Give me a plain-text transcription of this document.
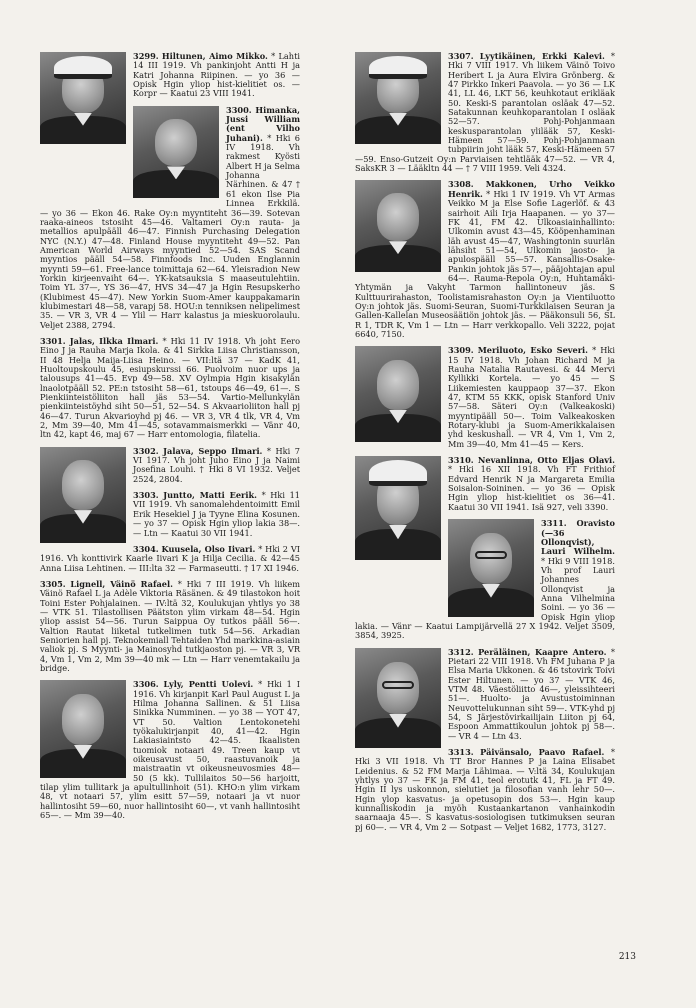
3299. Hiltunen, Aimo Mikko. * Lahti 14 III 1919. Vh pankinjoht Antti H ja Katri Johanna Riipinen. — yo 36 — Opisk Hgin yliop hist-kielitiet os. — Korpr — Kaatui 23 VIII 1941.
3300. Himanka, Jussi William (ent Vilho Juhani). * Hki 6 IV 1918. Vh rakmest Kyösti Albert H ja Selma Johanna Närhinen. & 47 † 61 ekon Ilse Pia Linnea Erkkilä. — yo 36 — Ekon 46. Rake Oy:n myyntiteht 36—39. Sotevan raaka-aineos tstosiht 45—46. Valtameri Oy:n rauta- ja metallios apulpääll 46—47. Finnish Purchasing Delegation NYC (N.Y.) 47—48. Finland House myyntiteht 49—52. Pan American World Airways myyntied 52—54. SAS Scand myyntios pääll 54—58. Finnfoods Inc. Uuden Englannin myynti 59—61. Free-lance toimittaja 62—64. Yleisradion New Yorkin kirjeenvaiht 64—. YK-katsauksia S maaseutulehtiin. Toim YL 37—, YS 36—47, HVS 34—47 ja Hgin Resupskerho (Klubimest 45—47). New Yorkin Suom-Amer kauppakamarin klubimestari 48—58, varapj 58. HOU:n tenniksen nelipelimest 35. — VR 3, VR 4 — Ylil — Harr kalastus ja mieskuorolaulu. Veljet 2388, 2794.
3301. Jalas, Ilkka Ilmari. * Hki 11 IV 1918. Vh joht Eero Eino J ja Rauha Marja Ikola. & 41 Sirkka Liisa Christiansson, II 48 Helja Maija-Liisa Heino. — VII:ltä 37 — KadK 41, Huoltoupskoulu 45, esiupskurssi 66. Puolvoim nuor ups ja talousups 41—45. Evp 49—58. XV Oylmpia Hgin kisakylän lnaolotpääll 52. PE:n tstosiht 58—61, tstoups 46—49, 61—. S Pienkiinteistöliiton hall jäs 53—54. Vartio-Mellunkylän pienkiinteistöyhd siht 50—51, 52—54. S Akvaarioliiton hall pj 46—47. Turun Akvarioyhd pj 46. — VR 3, VR 4 tlk, VR 4, Vm 2, Mm 39—40, Mm 41—45, sotavammaismerkki — Vänr 40, ltn 42, kapt 46, maj 67 — Harr entomologia, filatelia.
3302. Jalava, Seppo Ilmari. * Hki 7 VI 1917. Vh joht Juho Eino J ja Naimi Josefina Louhi. † Hki 8 VI 1932. Veljet 2524, 2804.
3303. Juntto, Matti Eerik. * Hki 11 VII 1919. Vh sanomalehdentoimitt Emil Erik Hesekiel J ja Tyyne Elina Kosunen. — yo 37 — Opisk Hgin yliop lakia 38—. — Ltn — Kaatui 30 VII 1941.
3304. Kuusela, Olso Iivari. * Hki 2 VI 1916. Vh konttivirk Kaarle Iivari K ja Hilja Cecilia. & 42—45 Anna Liisa Lehtinen. — III:lta 32 — Farmaseutti. † 17 XI 1946.
3305. Lignell, Väinö Rafael. * Hki 7 III 1919. Vh liikem Väinö Rafael L ja Adèle Viktoria Räsänen. & 49 tilastokon hoit Toini Ester Pohjalainen. — IV:ltä 32, Koulukujan yhtlys yo 38 — VTK 51. Tilastollisen Päätston ylim virkam 48—54. Hgin yliop assist 54—56. Turun Saippua Oy tutkos pääll 56—. Valtion Rautat liiketal tutkelimen tutk 54—56. Arkadian Seniorien hall pj. Teknokemiall Tehtaiden Yhd markkina-asiain valiok pj. S Myynti- ja Mainosyhd tutkjaoston pj. — VR 3, VR 4, Vm 1, Vm 2, Mm 39—40 mk — Ltn — Harr venemtakailu ja bridge.
3306. Lyly, Pentti Uolevi. * Hki 1 I 1916. Vh kirjanpit Karl Paul August L ja Hilma Johanna Sallinen. & 51 Liisa Sinikka Numminen. — yo 38 — YOT 47, VT 50. Valtion Lentokonetehi työkalukirjanpit 40, 41—42. Hgin Lakiasiaintsto 42—45. Ikaalisten tuomiok notaari 49. Treen kaup vt oikeusavust 50, raastuvanoik ja maistraatin vt oikeusneuvosmies 48—50 (5 kk). Tullilaitos 50—56 harjoitt, tilap ylim tullitark ja apultullinhoit (51). KHO:n ylim virkam 48, vt notaari 57, ylim esitt 57—59, notaari ja vt nuor hallintosiht 59—60, nuor hallintosiht 60—, vt vanh hallintosiht 65—. — Mm 39—40.
3307. Lyytikäinen, Erkki Kalevi. * Hki 7 VIII 1917. Vh liikem Väinö Toivo Heribert L ja Aura Elvira Grönberg. & 47 Pirkko Inkeri Paavola. — yo 36 — LK 41, LL 46, LKT 56, keuhkotaut erikläak 50. Keski-S parantolan osläak 47—52. Satakunnan keuhkoparantolan I osläak 52—57. Pohj-Pohjanmaan keskusparantolan ylilääk 57, Keski-Hämeen 57—59. Pohj-Pohjanmaan tubpiirin joht lääk 57, Keski-Hämeen 57—59. Enso-Gutzeit Oy:n Parviaisen tehtlääk 47—52. — VR 4, SaksKR 3 — Lääkltn 44 — † 7 VIII 1959. Veli 4324.
3308. Makkonen, Urho Veikko Henrik. * Hki 1 IV 1919. Vh VT Armas Veikko M ja Else Sofie Lagerlöf. & 43 sairhoit Aili Irja Haapanen. — yo 37—FK 41, FM 42. Ulkoasiainhallinto: Ulkomin avust 43—45, Kööpenhaminan läh avust 45—47, Washingtonin suurlän lähsiht 51—54, Ulkomin jaosto- ja apulospääll 55—57. Kansallis-Osake-Pankin johtok jäs 57—, pääjohtajan apul 64—. Rauma-Repola Oy:n, Huhtamäki-Yhtymän ja Vakyht Tarmon hallintoneuv jäs. S Kulttuurirahaston, Toolistamisrahaston Oy:n ja Vientiluotto Oy:n johtok jäs. Suomi-Seuran, Suomi-Turkkilaisen Seuran ja Gallen-Kallelan Museosäätiön johtok jäs. — Pääkonsuli 56, SL R 1, TDR K, Vm 1 — Ltn — Harr verkkopallo. Veli 3222, pojat 6640, 7150.
3309. Meriluoto, Esko Severi. * Hki 15 IV 1918. Vh Johan Richard M ja Rauha Natalia Rautavesi. & 44 Mervi Kyllikki Kortela. — yo 45 — S Liikemiesten kauppaop 37—37. Ekon 47, KTM 55 KKK, opisk Stanford Univ 57—58. Säteri Oy:n (Valkeakoski) myyntipääll 50—. Toim Valkeakosken Rotary-klubi ja Suom-Amerikkalaisen yhd keskushall. — VR 4, Vm 1, Vm 2, Mm 39—40, Mm 41—45 — Kers.
3310. Nevanlinna, Otto Eljas Olavi. * Hki 16 XII 1918. Vh FT Frithiof Edvard Henrik N ja Margareta Emilia Soisalon-Soininen. — yo 36 — Opisk Hgin yliop hist-kielitiet os 36—41. Kaatui 30 VII 1941. Isä 927, veli 3390.
3311. Oravisto (—36 Ollonqvist), Lauri Wilhelm. * Hki 9 VIII 1918. Vh prof Lauri Johannes Ollonqvist ja Anna Vilhelmina Soini. — yo 36 — Opisk Hgin yliop lakia. — Vänr — Kaatui Lampijärvellä 27 X 1942. Veljet 3509, 3854, 3925.
3312. Peräläinen, Kaapre Antero. * Pietari 22 VIII 1918. Vh FM Juhana P ja Elsa Maria Ukkonen. & 46 tstovirk Toivi Ester Hiltunen. — yo 37 — VTK 46, VTM 48. Väestöliitto 46—, yleissihteeri 51—. Huolto- ja Avustustoiminnan Neuvottelukunnan siht 59—. VTK-yhd pj 54, S Järjestövirkailijain Liiton pj 64, Espoon Ammattikoulun johtok pj 58—. — VR 4 — Ltn 43.
3313. Päivänsalo, Paavo Rafael. * Hki 3 VII 1918. Vh TT Bror Hannes P ja Laina Elisabet Leidenius. & 52 FM Marja Lähimaa. — V:ltä 34, Koulukujan yhtlys yo 37 — FK ja FM 41, teol erotutk 41, FL ja FT 49. Hgin II lys uskonnon, sielutiet ja filosofian vanh lehr 50—. Hgin ylop kasvatus- ja opetusopin dos 53—. Hgin kaup kunnalliskodin ja myöh Kustaankartanon vanhainkodin saarnaaja 45—. S kasvatus-sosiologisen tutkimuksen seuran pj 60—. — VR 4, Vm 2 — Sotpast — Veljet 1682, 1773, 3127.
213
